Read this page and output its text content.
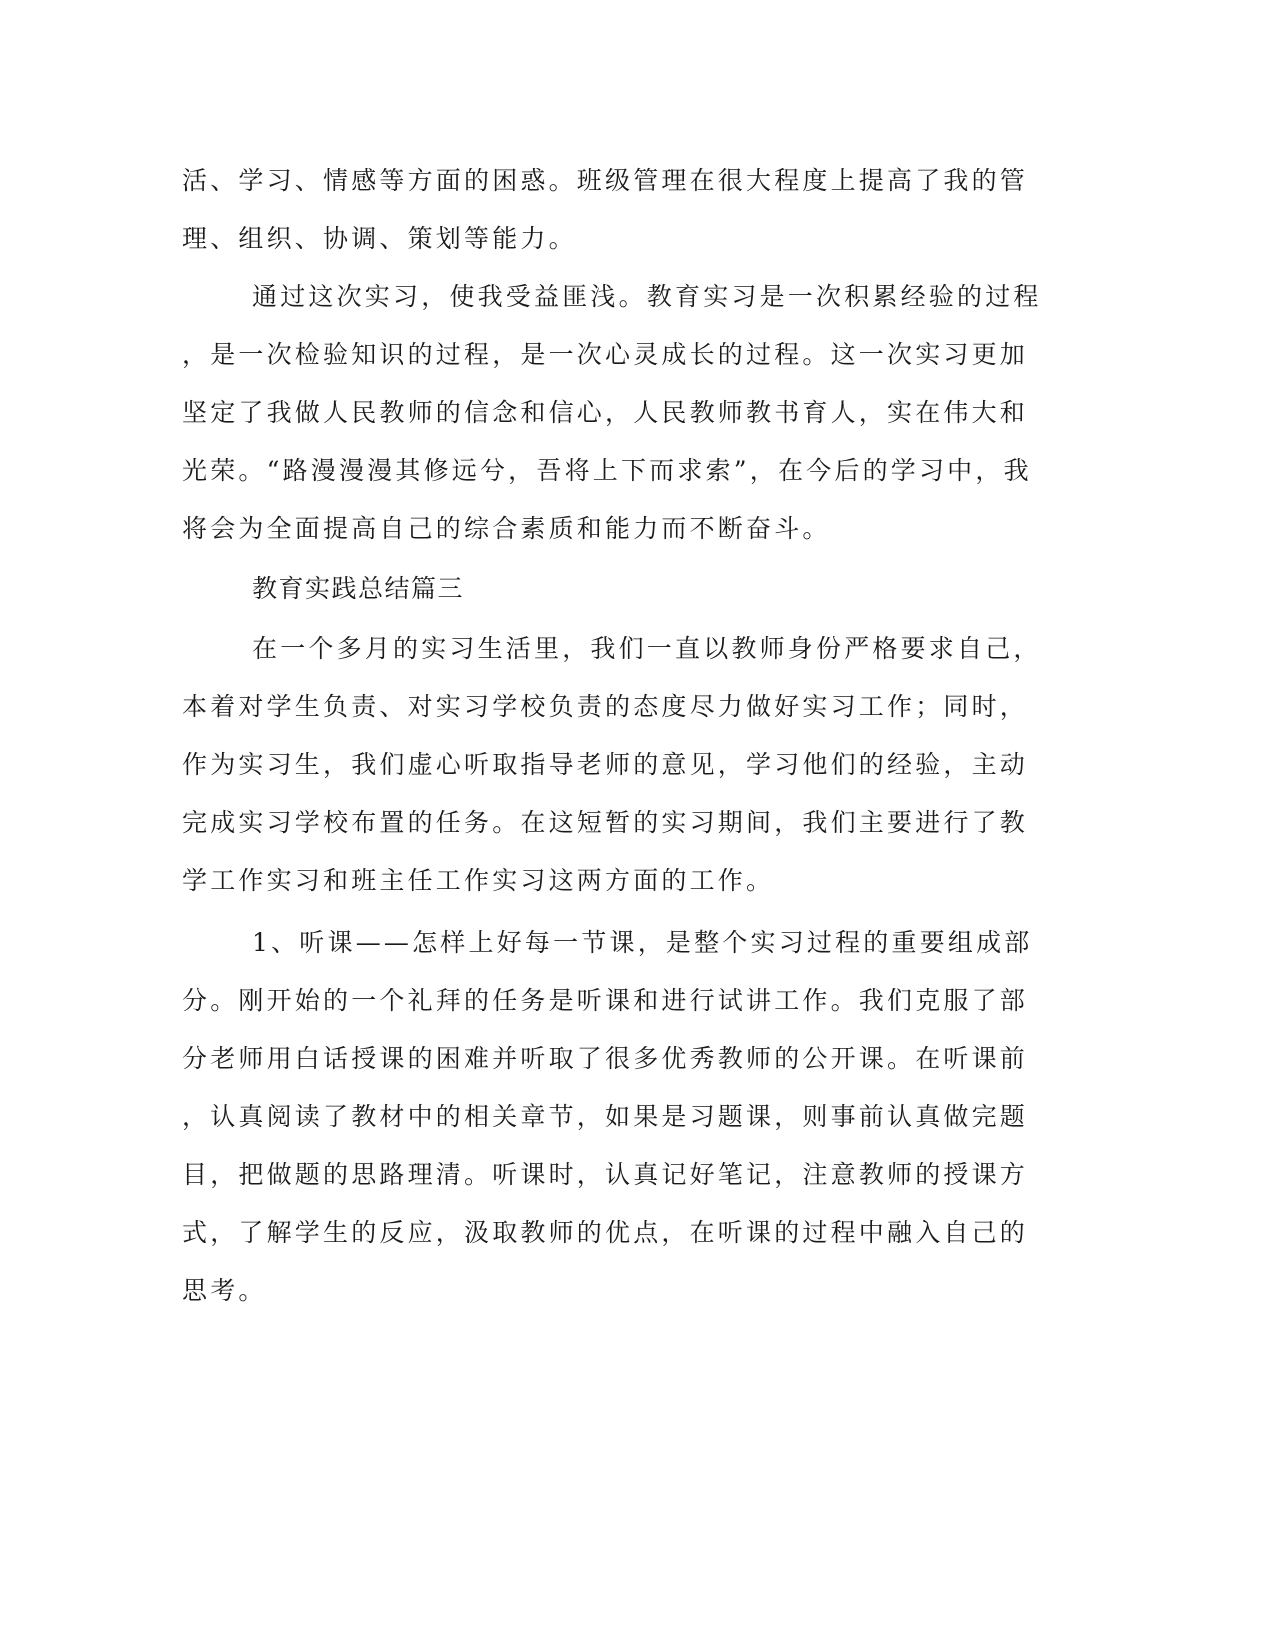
活、学习、情感等方面的困惑。班级管理在很大程度上提高了我的管
理、组织、协调、策划等能力。
通过这次实习，使我受益匪浅。教育实习是一次积累经验的过程
，是一次检验知识的过程，是一次心灵成长的过程。这一次实习更加
坚定了我做人民教师的信念和信心，人民教师教书育人，实在伟大和
光荣。“路漫漫漫其修远兮，吾将上下而求索”，在今后的学习中，我
将会为全面提高自己的综合素质和能力而不断奋斗。
教育实践总结篇三
在一个多月的实习生活里，我们一直以教师身份严格要求自己，
本着对学生负责、对实习学校负责的态度尽力做好实习工作；同时，
作为实习生，我们虚心听取指导老师的意见，学习他们的经验，主动
完成实习学校布置的任务。在这短暂的实习期间，我们主要进行了教
学工作实习和班主任工作实习这两方面的工作。
1、听课——怎样上好每一节课，是整个实习过程的重要组成部
分。刚开始的一个礼拜的任务是听课和进行试讲工作。我们克服了部
分老师用白话授课的困难并听取了很多优秀教师的公开课。在听课前
，认真阅读了教材中的相关章节，如果是习题课，则事前认真做完题
目，把做题的思路理清。听课时，认真记好笔记，注意教师的授课方
式，了解学生的反应，汲取教师的优点，在听课的过程中融入自己的
思考。
